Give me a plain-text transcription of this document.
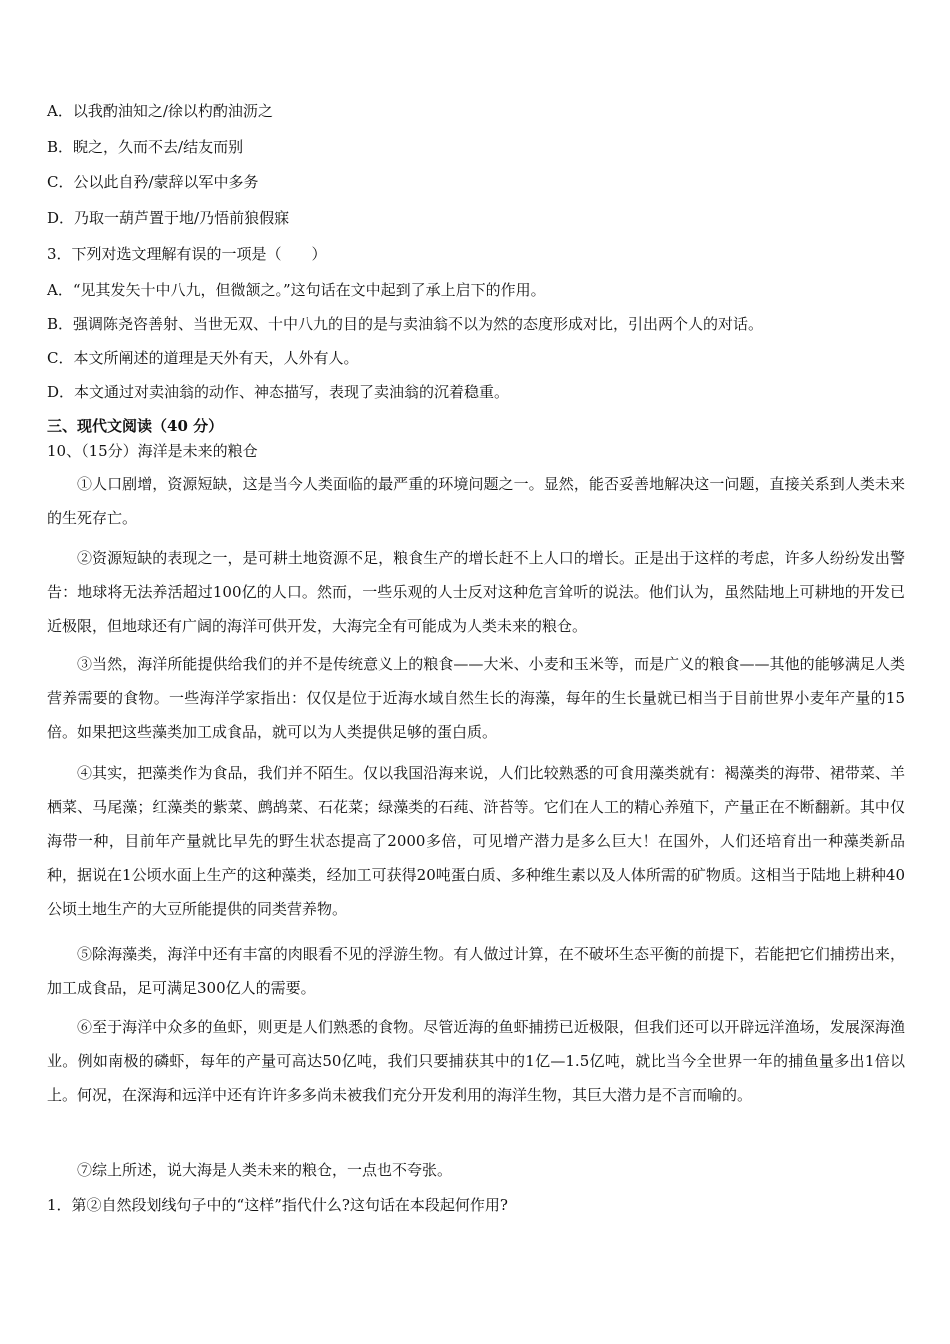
A．以我酌油知之/徐以杓酌油沥之
B．睨之，久而不去/结友而别
C．公以此自矜/蒙辞以军中多务
D．乃取一葫芦置于地/乃悟前狼假寐
3．下列对选文理解有误的一项是（　　）
A．“见其发矢十中八九，但微颔之。”这句话在文中起到了承上启下的作用。
B．强调陈尧咨善射、当世无双、十中八九的目的是与卖油翁不以为然的态度形成对比，引出两个人的对话。
C．本文所阐述的道理是天外有天，人外有人。
D．本文通过对卖油翁的动作、神态描写，表现了卖油翁的沉着稳重。
三、现代文阅读（40 分）
10、（15分）海洋是未来的粮仓

①人口剧增，资源短缺，这是当今人类面临的最严重的环境问题之一。显然，能否妥善地解决这一问题，直接关系到人类未来的生死存亡。

②资源短缺的表现之一，是可耕土地资源不足，粮食生产的增长赶不上人口的增长。正是出于这样的考虑，许多人纷纷发出警告：地球将无法养活超过100亿的人口。然而，一些乐观的人士反对这种危言耸听的说法。他们认为，虽然陆地上可耕地的开发已近极限，但地球还有广阔的海洋可供开发，大海完全有可能成为人类未来的粮仓。

③当然，海洋所能提供给我们的并不是传统意义上的粮食——大米、小麦和玉米等，而是广义的粮食——其他的能够满足人类营养需要的食物。一些海洋学家指出：仅仅是位于近海水域自然生长的海藻，每年的生长量就已相当于目前世界小麦年产量的15倍。如果把这些藻类加工成食品，就可以为人类提供足够的蛋白质。

④其实，把藻类作为食品，我们并不陌生。仅以我国沿海来说，人们比较熟悉的可食用藻类就有：褐藻类的海带、裙带菜、羊栖菜、马尾藻；红藻类的紫菜、鹧鸪菜、石花菜；绿藻类的石莼、浒苔等。它们在人工的精心养殖下，产量正在不断翻新。其中仅海带一种，目前年产量就比早先的野生状态提高了2000多倍，可见增产潜力是多么巨大！在国外，人们还培育出一种藻类新品种，据说在1公顷水面上生产的这种藻类，经加工可获得20吨蛋白质、多种维生素以及人体所需的矿物质。这相当于陆地上耕种40公顷土地生产的大豆所能提供的同类营养物。

⑤除海藻类，海洋中还有丰富的肉眼看不见的浮游生物。有人做过计算，在不破坏生态平衡的前提下，若能把它们捕捞出来，加工成食品，足可满足300亿人的需要。

⑥至于海洋中众多的鱼虾，则更是人们熟悉的食物。尽管近海的鱼虾捕捞已近极限，但我们还可以开辟远洋渔场，发展深海渔业。例如南极的磷虾，每年的产量可高达50亿吨，我们只要捕获其中的1亿—1.5亿吨，就比当今全世界一年的捕鱼量多出1倍以上。何况，在深海和远洋中还有许许多多尚未被我们充分开发利用的海洋生物，其巨大潜力是不言而喻的。

⑦综上所述，说大海是人类未来的粮仓，一点也不夸张。

1．第②自然段划线句子中的“这样”指代什么?这句话在本段起何作用?
